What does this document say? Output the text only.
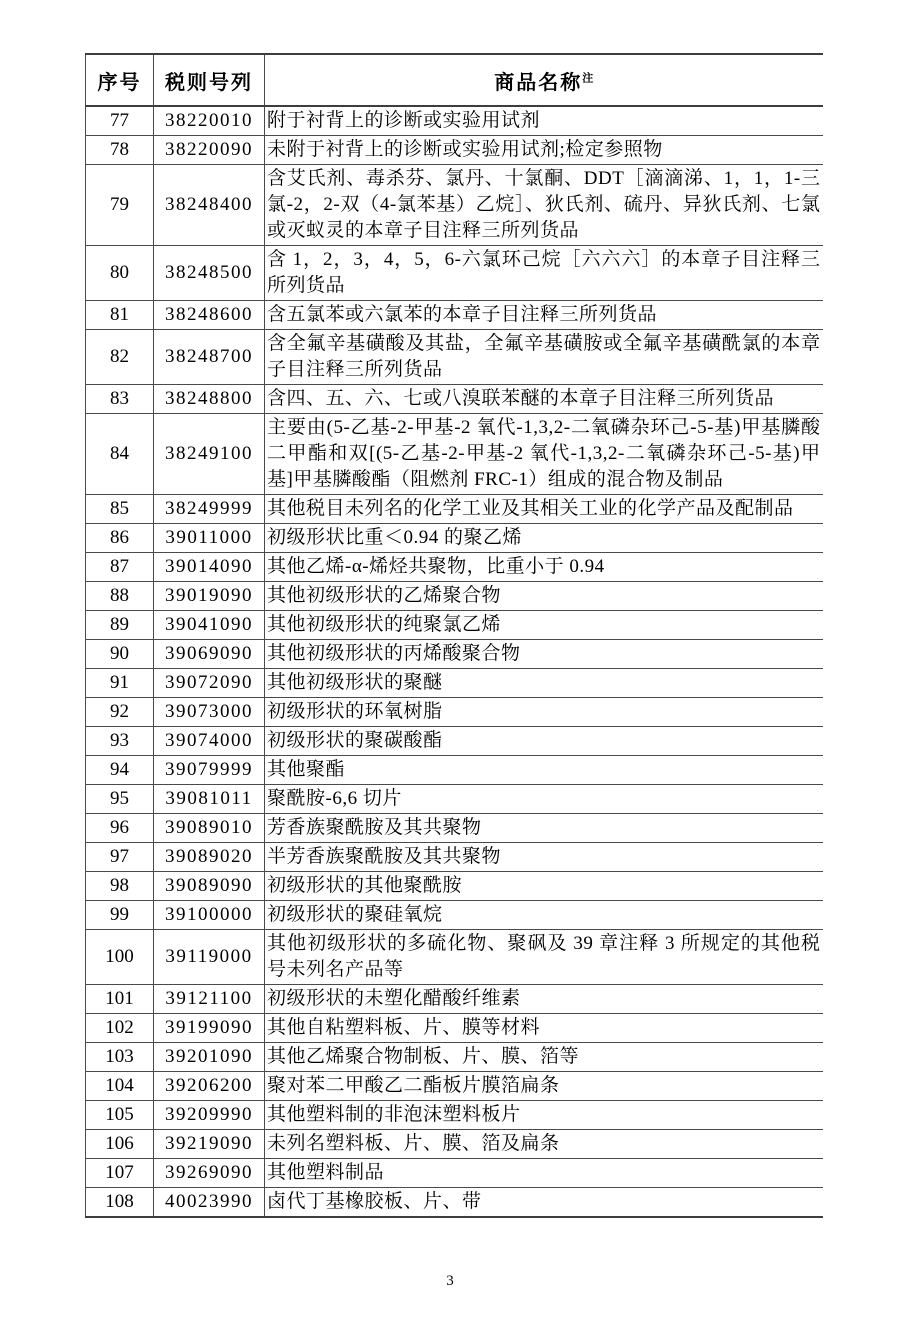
序号	税则号列	商品名称$^注$
77	38220010	附于衬背上的诊断或实验用试剂
78	38220090	未附于衬背上的诊断或实验用试剂;检定参照物
79	38248400	含艾氏剂、毒杀芬、氯丹、十氯酮、DDT［滴滴涕、1，1，1-三氯-2，2-双（4-氯苯基）乙烷］、狄氏剂、硫丹、异狄氏剂、七氯或灭蚁灵的本章子目注释三所列货品
80	38248500	含 1，2，3，4，5，6-六氯环己烷［六六六］的本章子目注释三所列货品
81	38248600	含五氯苯或六氯苯的本章子目注释三所列货品
82	38248700	含全氟辛基磺酸及其盐，全氟辛基磺胺或全氟辛基磺酰氯的本章子目注释三所列货品
83	38248800	含四、五、六、七或八溴联苯醚的本章子目注释三所列货品
84	38249100	主要由(5-乙基-2-甲基-2 氧代-1,3,2-二氧磷杂环己-5-基)甲基膦酸二甲酯和双[(5-乙基-2-甲基-2 氧代-1,3,2-二氧磷杂环己-5-基)甲基]甲基膦酸酯（阻燃剂 FRC-1）组成的混合物及制品
85	38249999	其他税目未列名的化学工业及其相关工业的化学产品及配制品
86	39011000	初级形状比重＜0.94 的聚乙烯
87	39014090	其他乙烯-α-烯烃共聚物，比重小于 0.94
88	39019090	其他初级形状的乙烯聚合物
89	39041090	其他初级形状的纯聚氯乙烯
90	39069090	其他初级形状的丙烯酸聚合物
91	39072090	其他初级形状的聚醚
92	39073000	初级形状的环氧树脂
93	39074000	初级形状的聚碳酸酯
94	39079999	其他聚酯
95	39081011	聚酰胺-6,6 切片
96	39089010	芳香族聚酰胺及其共聚物
97	39089020	半芳香族聚酰胺及其共聚物
98	39089090	初级形状的其他聚酰胺
99	39100000	初级形状的聚硅氧烷
100	39119000	其他初级形状的多硫化物、聚砜及 39 章注释 3 所规定的其他税号未列名产品等
101	39121100	初级形状的未塑化醋酸纤维素
102	39199090	其他自粘塑料板、片、膜等材料
103	39201090	其他乙烯聚合物制板、片、膜、箔等
104	39206200	聚对苯二甲酸乙二酯板片膜箔扁条
105	39209990	其他塑料制的非泡沫塑料板片
106	39219090	未列名塑料板、片、膜、箔及扁条
107	39269090	其他塑料制品
108	40023990	卤代丁基橡胶板、片、带
3
